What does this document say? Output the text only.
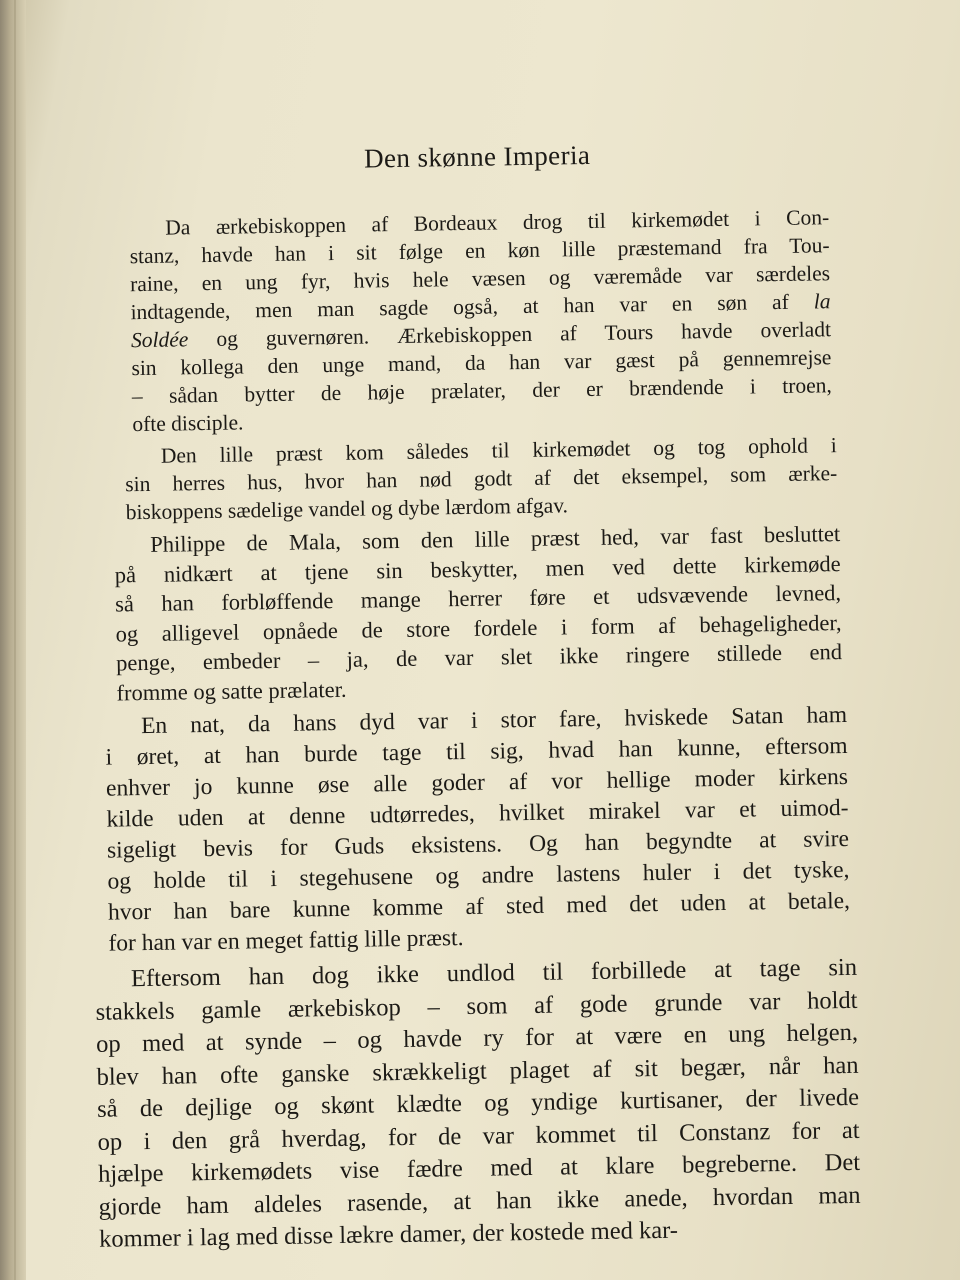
Den skønne Imperia
Da ærkebiskoppen af Bordeaux drog til kirkemødet i Con-
stanz, havde han i sit følge en køn lille præstemand fra Tou-
raine, en ung fyr, hvis hele væsen og væremåde var særdeles
indtagende, men man sagde også, at han var en søn af la
Soldée og guvernøren. Ærkebiskoppen af Tours havde overladt
sin kollega den unge mand, da han var gæst på gennemrejse
– sådan bytter de høje prælater, der er brændende i troen,
ofte disciple.
Den lille præst kom således til kirkemødet og tog ophold i
sin herres hus, hvor han nød godt af det eksempel, som ærke-
biskoppens sædelige vandel og dybe lærdom afgav.
Philippe de Mala, som den lille præst hed, var fast besluttet
på nidkært at tjene sin beskytter, men ved dette kirkemøde
så han forbløffende mange herrer føre et udsvævende levned,
og alligevel opnåede de store fordele i form af behageligheder,
penge, embeder – ja, de var slet ikke ringere stillede end
fromme og satte prælater.
En nat, da hans dyd var i stor fare, hviskede Satan ham
i øret, at han burde tage til sig, hvad han kunne, eftersom
enhver jo kunne øse alle goder af vor hellige moder kirkens
kilde uden at denne udtørredes, hvilket mirakel var et uimod-
sigeligt bevis for Guds eksistens. Og han begyndte at svire
og holde til i stegehusene og andre lastens huler i det tyske,
hvor han bare kunne komme af sted med det uden at betale,
for han var en meget fattig lille præst.
Eftersom han dog ikke undlod til forbillede at tage sin
stakkels gamle ærkebiskop – som af gode grunde var holdt
op med at synde – og havde ry for at være en ung helgen,
blev han ofte ganske skrækkeligt plaget af sit begær, når han
så de dejlige og skønt klædte og yndige kurtisaner, der livede
op i den grå hverdag, for de var kommet til Constanz for at
hjælpe kirkemødets vise fædre med at klare begreberne. Det
gjorde ham aldeles rasende, at han ikke anede, hvordan man
kommer i lag med disse lækre damer, der kostede med kar-
